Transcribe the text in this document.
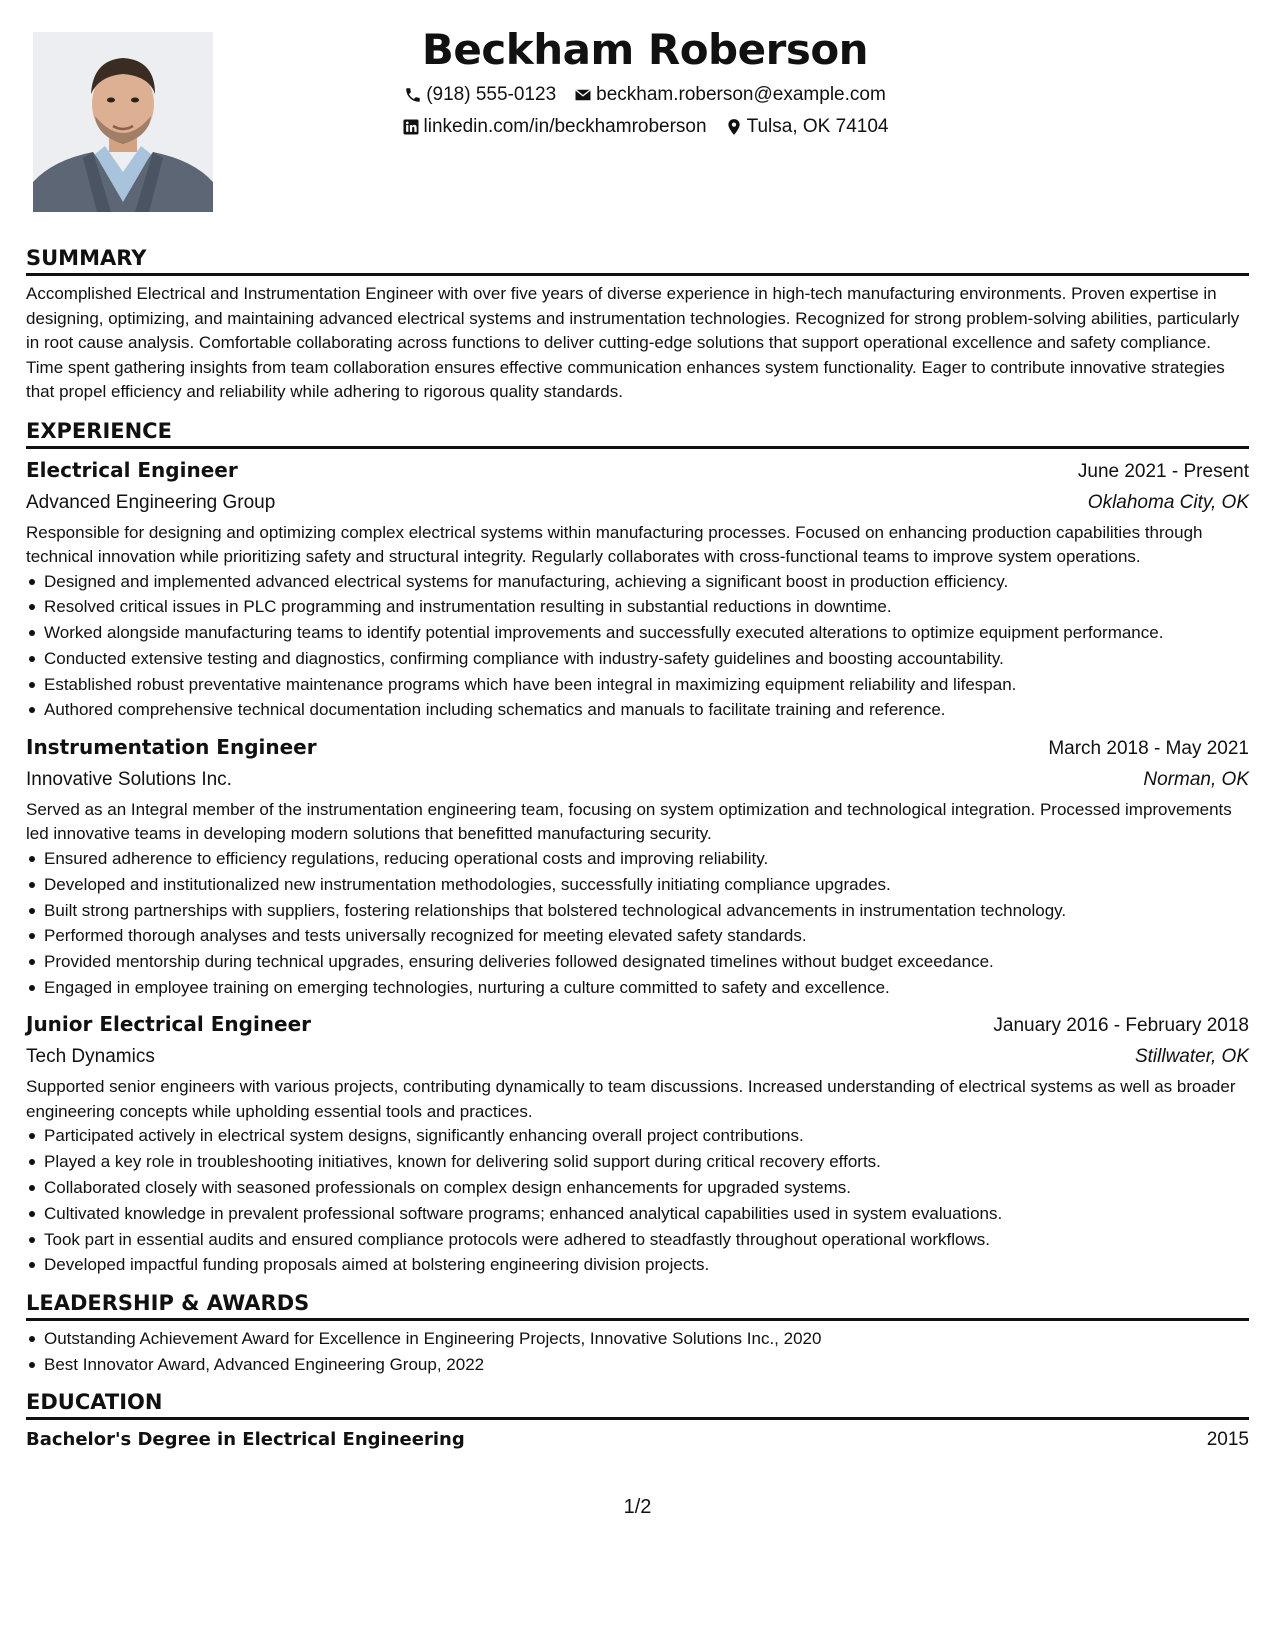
Beckham Roberson
(918) 555-0123 beckham.roberson@example.com
linkedin.com/in/beckhamroberson Tulsa, OK 74104
SUMMARY
Accomplished Electrical and Instrumentation Engineer with over five years of diverse experience in high-tech manufacturing environments. Proven expertise in designing, optimizing, and maintaining advanced electrical systems and instrumentation technologies. Recognized for strong problem-solving abilities, particularly in root cause analysis. Comfortable collaborating across functions to deliver cutting-edge solutions that support operational excellence and safety compliance. Time spent gathering insights from team collaboration ensures effective communication enhances system functionality. Eager to contribute innovative strategies that propel efficiency and reliability while adhering to rigorous quality standards.
EXPERIENCE
Electrical Engineer	June 2021 - Present
Advanced Engineering Group	Oklahoma City, OK
Responsible for designing and optimizing complex electrical systems within manufacturing processes. Focused on enhancing production capabilities through technical innovation while prioritizing safety and structural integrity. Regularly collaborates with cross-functional teams to improve system operations.
Designed and implemented advanced electrical systems for manufacturing, achieving a significant boost in production efficiency.
Resolved critical issues in PLC programming and instrumentation resulting in substantial reductions in downtime.
Worked alongside manufacturing teams to identify potential improvements and successfully executed alterations to optimize equipment performance.
Conducted extensive testing and diagnostics, confirming compliance with industry-safety guidelines and boosting accountability.
Established robust preventative maintenance programs which have been integral in maximizing equipment reliability and lifespan.
Authored comprehensive technical documentation including schematics and manuals to facilitate training and reference.
Instrumentation Engineer	March 2018 - May 2021
Innovative Solutions Inc.	Norman, OK
Served as an Integral member of the instrumentation engineering team, focusing on system optimization and technological integration. Processed improvements led innovative teams in developing modern solutions that benefitted manufacturing security.
Ensured adherence to efficiency regulations, reducing operational costs and improving reliability.
Developed and institutionalized new instrumentation methodologies, successfully initiating compliance upgrades.
Built strong partnerships with suppliers, fostering relationships that bolstered technological advancements in instrumentation technology.
Performed thorough analyses and tests universally recognized for meeting elevated safety standards.
Provided mentorship during technical upgrades, ensuring deliveries followed designated timelines without budget exceedance.
Engaged in employee training on emerging technologies, nurturing a culture committed to safety and excellence.
Junior Electrical Engineer	January 2016 - February 2018
Tech Dynamics	Stillwater, OK
Supported senior engineers with various projects, contributing dynamically to team discussions. Increased understanding of electrical systems as well as broader engineering concepts while upholding essential tools and practices.
Participated actively in electrical system designs, significantly enhancing overall project contributions.
Played a key role in troubleshooting initiatives, known for delivering solid support during critical recovery efforts.
Collaborated closely with seasoned professionals on complex design enhancements for upgraded systems.
Cultivated knowledge in prevalent professional software programs; enhanced analytical capabilities used in system evaluations.
Took part in essential audits and ensured compliance protocols were adhered to steadfastly throughout operational workflows.
Developed impactful funding proposals aimed at bolstering engineering division projects.
LEADERSHIP & AWARDS
Outstanding Achievement Award for Excellence in Engineering Projects, Innovative Solutions Inc., 2020
Best Innovator Award, Advanced Engineering Group, 2022
EDUCATION
Bachelor's Degree in Electrical Engineering	2015
1/2
